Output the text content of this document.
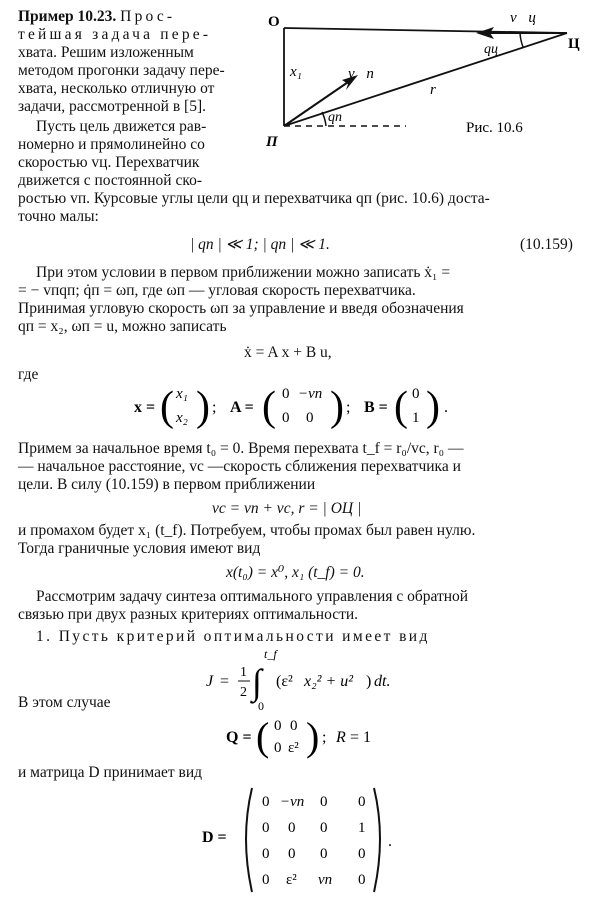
Пример 10.23. Прос-
тейшая задача пере-
хвата. Решим изложенным
методом прогонки задачу пере-
хвата, несколько отличную от
задачи, рассмотренной в [5].
Пусть цель движется рав-
номерно и прямолинейно со
скоростью vц. Перехватчик
движется с постоянной ско-
ростью vп. Курсовые углы цели qц и перехватчика qп (рис. 10.6) доста-
точно малы:
О
Ц
П
x₁
r
v⃗ц
v⃗п
qц
qп
Рис. 10.6
| qп | ≪ 1; | qп | ≪ 1.	(10.159)
При этом условии в первом приближении можно записать ẋ₁ =
= − vпqп; q̇п = ωп, где ωп — угловая скорость перехватчика.
Принимая угловую скорость ωп за управление и введя обозначения
qп = x₂, ωп = u, можно записать
ẋ = A x + B u,
где
x = ( x₁
x₂ ) ; A = ( 0 −vп
0 0 ) ; B = ( 0
1 ) .
Примем за начальное время t₀ = 0. Время перехвата t_f = r₀/vс, r₀ —
— начальное расстояние, vс —скорость сближения перехватчика и
цели. В силу (10.159) в первом приближении
vс = vп + vс, r = | ОЦ |
и промахом будет x₁ (t_f). Потребуем, чтобы промах был равен нулю.
Тогда граничные условия имеют вид
x(t₀) = x⁰, x₁ (t_f) = 0.
Рассмотрим задачу синтеза оптимального управления с обратной
связью при двух разных критериях оптимальности.
1. Пусть критерий оптимальности имеет вид
J =
1
2 ∫
t_f
0
(ε² x₂² + u² ) dt.
В этом случае
Q = ( 0 0
0 ε² ) ; R = 1
и матрица D принимает вид
D =
0 −vп 0 0
0 0 0 1
0 0 0 0
0 ε² vп 0
.
